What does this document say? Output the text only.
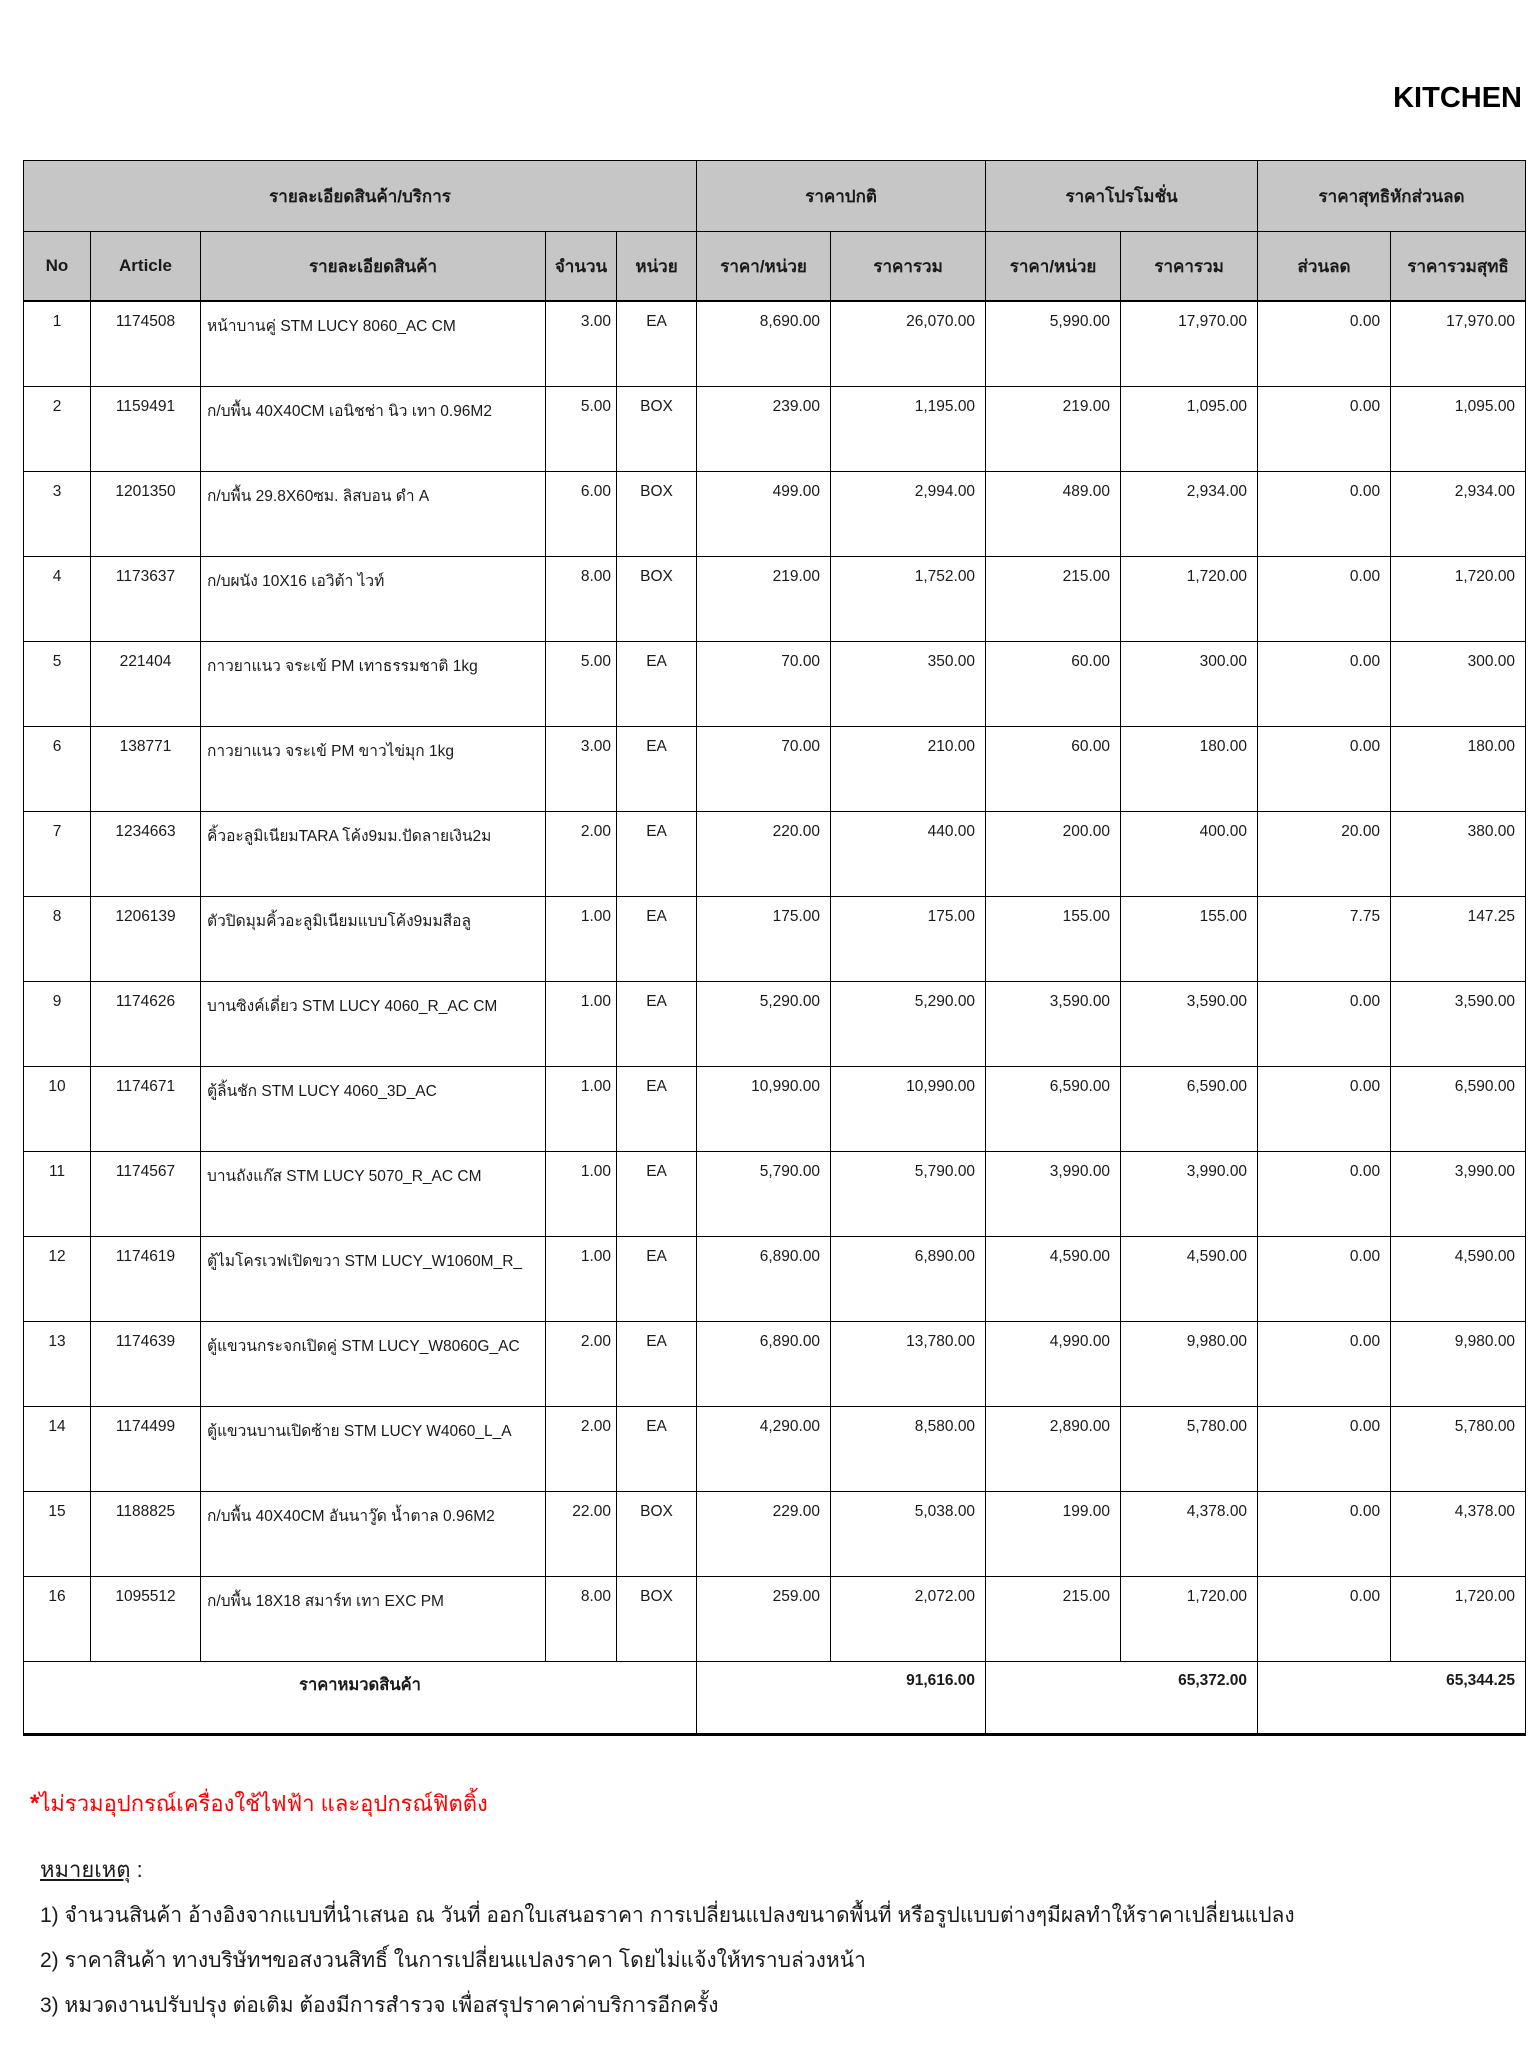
KITCHEN
รายละเอียดสินค้า/บริการ					ราคาปกติ		ราคาโปรโมชั่น		ราคาสุทธิหักส่วนลด	
No	Article	รายละเอียดสินค้า	จำนวน	หน่วย	ราคา/หน่วย	ราคารวม	ราคา/หน่วย	ราคารวม	ส่วนลด	ราคารวมสุทธิ
1	1174508	หน้าบานคู่ STM LUCY 8060_AC CM	3.00	EA	8,690.00	26,070.00	5,990.00	17,970.00	0.00	17,970.00
2	1159491	ก/บพื้น 40X40CM เอนิชช่า นิว เทา 0.96M2	5.00	BOX	239.00	1,195.00	219.00	1,095.00	0.00	1,095.00
3	1201350	ก/บพื้น 29.8X60ซม. ลิสบอน ดำ A	6.00	BOX	499.00	2,994.00	489.00	2,934.00	0.00	2,934.00
4	1173637	ก/บผนัง 10X16 เอวิต้า ไวท์	8.00	BOX	219.00	1,752.00	215.00	1,720.00	0.00	1,720.00
5	221404	กาวยาแนว จระเข้ PM เทาธรรมชาติ 1kg	5.00	EA	70.00	350.00	60.00	300.00	0.00	300.00
6	138771	กาวยาแนว จระเข้ PM ขาวไข่มุก 1kg	3.00	EA	70.00	210.00	60.00	180.00	0.00	180.00
7	1234663	คิ้วอะลูมิเนียมTARA โค้ง9มม.ปัดลายเงิน2ม	2.00	EA	220.00	440.00	200.00	400.00	20.00	380.00
8	1206139	ตัวปิดมุมคิ้วอะลูมิเนียมแบบโค้ง9มมสีอลู	1.00	EA	175.00	175.00	155.00	155.00	7.75	147.25
9	1174626	บานซิงค์เดี่ยว STM LUCY 4060_R_AC CM	1.00	EA	5,290.00	5,290.00	3,590.00	3,590.00	0.00	3,590.00
10	1174671	ตู้ลิ้นชัก STM LUCY 4060_3D_AC	1.00	EA	10,990.00	10,990.00	6,590.00	6,590.00	0.00	6,590.00
11	1174567	บานถังแก๊ส STM LUCY 5070_R_AC CM	1.00	EA	5,790.00	5,790.00	3,990.00	3,990.00	0.00	3,990.00
12	1174619	ตู้ไมโครเวฟเปิดขวา STM LUCY_W1060M_R_	1.00	EA	6,890.00	6,890.00	4,590.00	4,590.00	0.00	4,590.00
13	1174639	ตู้แขวนกระจกเปิดคู่ STM LUCY_W8060G_AC	2.00	EA	6,890.00	13,780.00	4,990.00	9,980.00	0.00	9,980.00
14	1174499	ตู้แขวนบานเปิดซ้าย STM LUCY W4060_L_A	2.00	EA	4,290.00	8,580.00	2,890.00	5,780.00	0.00	5,780.00
15	1188825	ก/บพื้น 40X40CM อันนาวู๊ด น้ำตาล 0.96M2	22.00	BOX	229.00	5,038.00	199.00	4,378.00	0.00	4,378.00
16	1095512	ก/บพื้น 18X18 สมาร์ท เทา EXC PM	8.00	BOX	259.00	2,072.00	215.00	1,720.00	0.00	1,720.00
ราคาหมวดสินค้า					91,616.00		65,372.00		65,344.25	
*ไม่รวมอุปกรณ์เครื่องใช้ไฟฟ้า และอุปกรณ์ฟิตติ้ง
หมายเหตุ :
1) จำนวนสินค้า อ้างอิงจากแบบที่นำเสนอ ณ วันที่ ออกใบเสนอราคา การเปลี่ยนแปลงขนาดพื้นที่ หรือรูปแบบต่างๆมีผลทำให้ราคาเปลี่ยนแปลง
2) ราคาสินค้า ทางบริษัทฯขอสงวนสิทธิ์ ในการเปลี่ยนแปลงราคา โดยไม่แจ้งให้ทราบล่วงหน้า
3) หมวดงานปรับปรุง ต่อเติม ต้องมีการสำรวจ เพื่อสรุปราคาค่าบริการอีกครั้ง
